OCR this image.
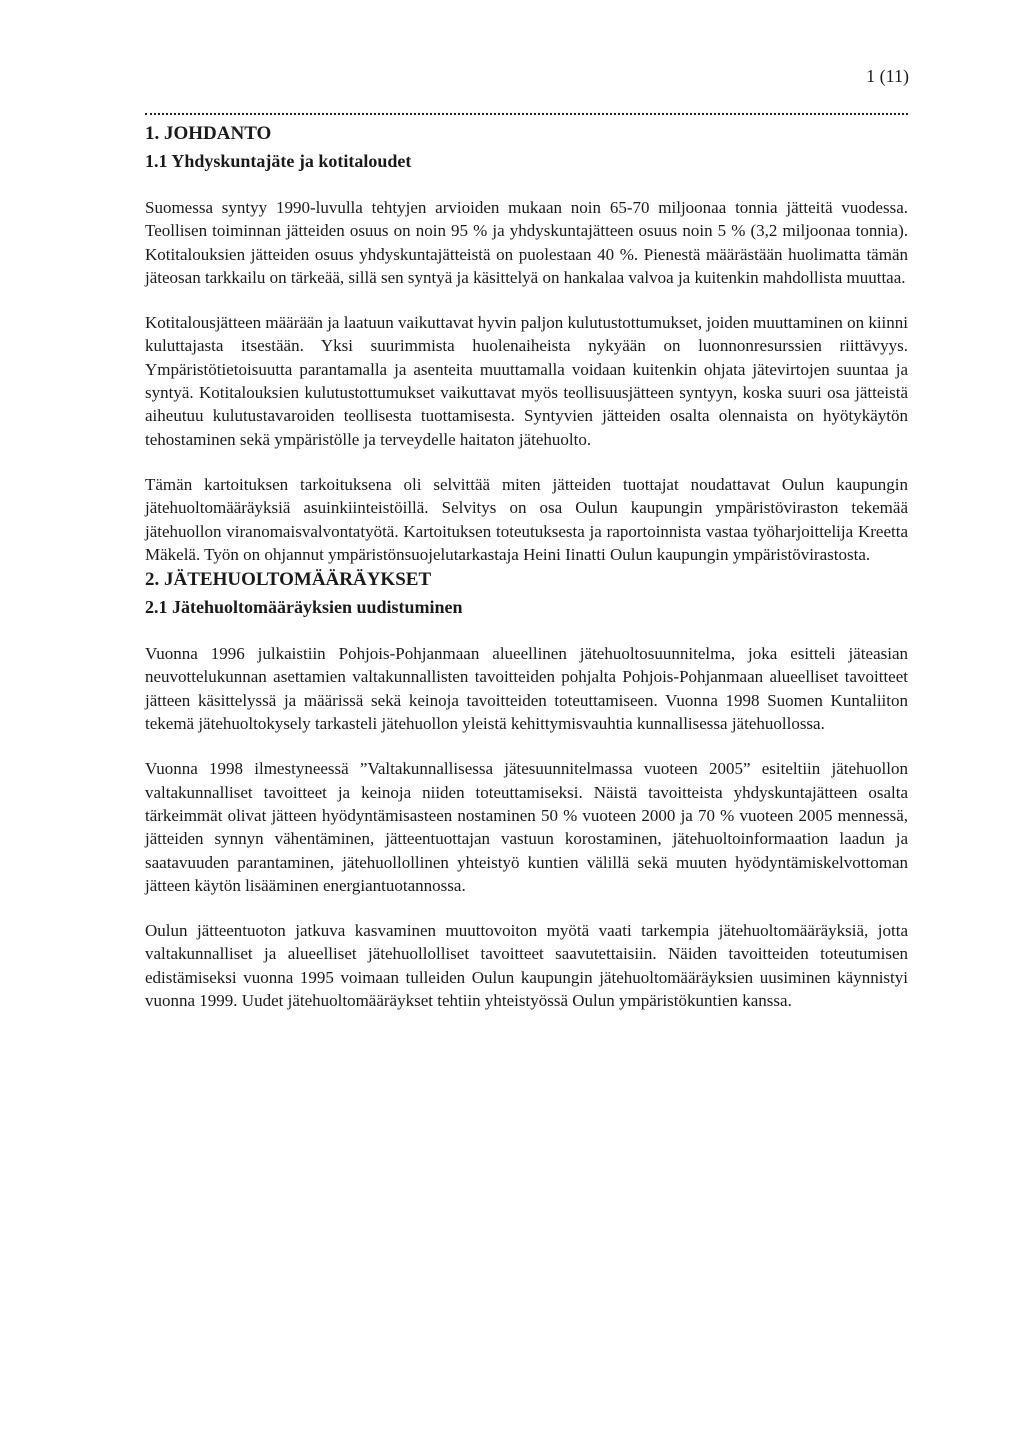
1 (11)
1. JOHDANTO
1.1 Yhdyskuntajäte ja kotitaloudet

Suomessa syntyy 1990-luvulla tehtyjen arvioiden mukaan noin 65-70 miljoonaa tonnia jätteitä vuodessa. Teollisen toiminnan jätteiden osuus on noin 95 % ja yhdyskuntajätteen osuus noin 5 % (3,2 miljoonaa tonnia). Kotitalouksien jätteiden osuus yhdyskuntajätteistä on puolestaan 40 %. Pienestä määrästään huolimatta tämän jäteosan tarkkailu on tärkeää, sillä sen syntyä ja käsittelyä on hankalaa valvoa ja kuitenkin mahdollista muuttaa.

Kotitalousjätteen määrään ja laatuun vaikuttavat hyvin paljon kulutustottumukset, joiden muuttaminen on kiinni kuluttajasta itsestään. Yksi suurimmista huolenaiheista nykyään on luonnonresurssien riittävyys. Ympäristötietoisuutta parantamalla ja asenteita muuttamalla voidaan kuitenkin ohjata jätevirtojen suuntaa ja syntyä. Kotitalouksien kulutustottumukset vaikuttavat myös teollisuusjätteen syntyyn, koska suuri osa jätteistä aiheutuu kulutustavaroiden teollisesta tuottamisesta. Syntyvien jätteiden osalta olennaista on hyötykäytön tehostaminen sekä ympäristölle ja terveydelle haitaton jätehuolto.

Tämän kartoituksen tarkoituksena oli selvittää miten jätteiden tuottajat noudattavat Oulun kaupungin jätehuoltomääräyksiä asuinkiinteistöillä. Selvitys on osa Oulun kaupungin ympäristöviraston tekemää jätehuollon viranomaisvalvontatyötä. Kartoituksen toteutuksesta ja raportoinnista vastaa työharjoittelija Kreetta Mäkelä. Työn on ohjannut ympäristönsuojelutarkastaja Heini Iinatti Oulun kaupungin ympäristövirastosta.

2. JÄTEHUOLTOMÄÄRÄYKSET
2.1 Jätehuoltomääräyksien uudistuminen

Vuonna 1996 julkaistiin Pohjois-Pohjanmaan alueellinen jätehuoltosuunnitelma, joka esitteli jäteasian neuvottelukunnan asettamien valtakunnallisten tavoitteiden pohjalta Pohjois-Pohjanmaan alueelliset tavoitteet jätteen käsittelyssä ja määrissä sekä keinoja tavoitteiden toteuttamiseen. Vuonna 1998 Suomen Kuntaliiton tekemä jätehuoltokysely tarkasteli jätehuollon yleistä kehittymisvauhtia kunnallisessa jätehuollossa.

Vuonna 1998 ilmestyneessä ”Valtakunnallisessa jätesuunnitelmassa vuoteen 2005” esiteltiin jätehuollon valtakunnalliset tavoitteet ja keinoja niiden toteuttamiseksi. Näistä tavoitteista yhdyskuntajätteen osalta tärkeimmät olivat jätteen hyödyntämisasteen nostaminen 50 % vuoteen 2000 ja 70 % vuoteen 2005 mennessä, jätteiden synnyn vähentäminen, jätteentuottajan vastuun korostaminen, jätehuoltoinformaation laadun ja saatavuuden parantaminen, jätehuollollinen yhteistyö kuntien välillä sekä muuten hyödyntämiskelvottoman jätteen käytön lisääminen energiantuotannossa.

Oulun jätteentuoton jatkuva kasvaminen muuttovoiton myötä vaati tarkempia jätehuoltomääräyksiä, jotta valtakunnalliset ja alueelliset jätehuollolliset tavoitteet saavutettaisiin. Näiden tavoitteiden toteutumisen edistämiseksi vuonna 1995 voimaan tulleiden Oulun kaupungin jätehuoltomääräyksien uusiminen käynnistyi vuonna 1999. Uudet jätehuoltomääräykset tehtiin yhteistyössä Oulun ympäristökuntien kanssa.
